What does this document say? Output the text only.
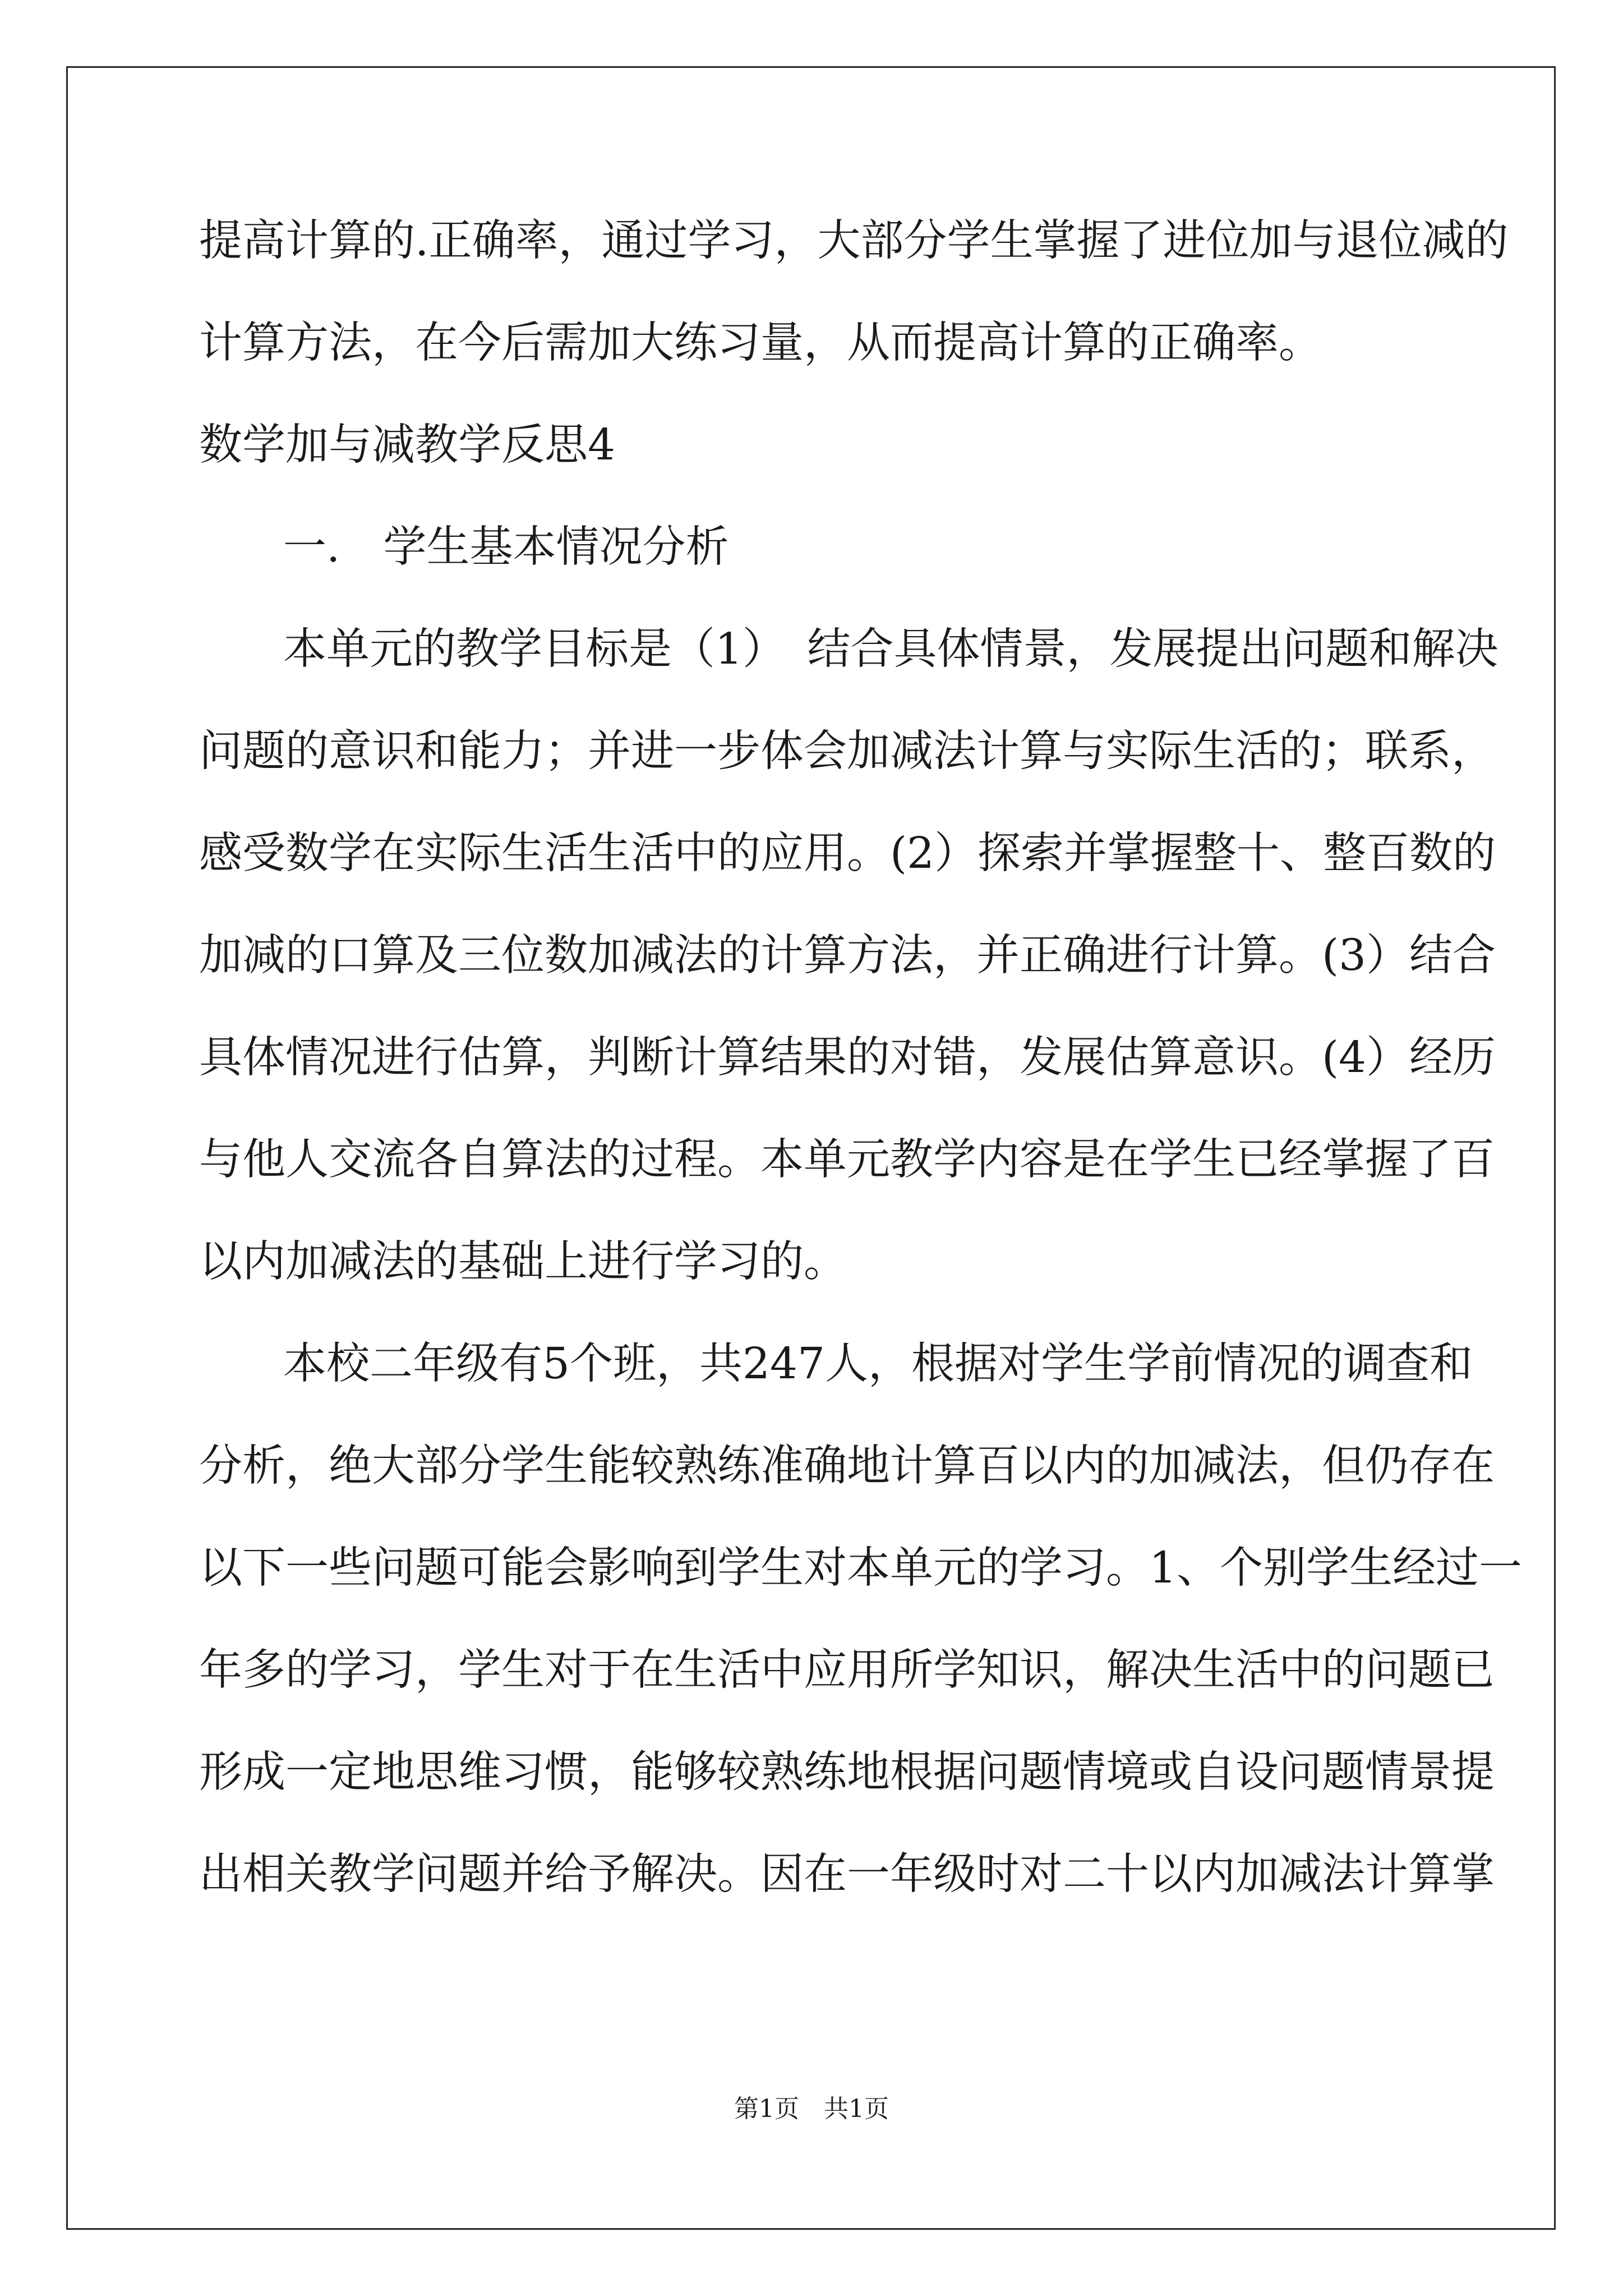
提高计算的.正确率，通过学习，大部分学生掌握了进位加与退位减的
计算方法，在今后需加大练习量，从而提高计算的正确率。
数学加与减教学反思4
一.　学生基本情况分析
本单元的教学目标是（1）　结合具体情景，发展提出问题和解决
问题的意识和能力；并进一步体会加减法计算与实际生活的；联系，
感受数学在实际生活生活中的应用。(2）探索并掌握整十、整百数的
加减的口算及三位数加减法的计算方法，并正确进行计算。(3）结合
具体情况进行估算，判断计算结果的对错，发展估算意识。(4）经历
与他人交流各自算法的过程。本单元教学内容是在学生已经掌握了百
以内加减法的基础上进行学习的。
本校二年级有5个班，共247人，根据对学生学前情况的调查和
分析，绝大部分学生能较熟练准确地计算百以内的加减法，但仍存在
以下一些问题可能会影响到学生对本单元的学习。1、个别学生经过一
年多的学习，学生对于在生活中应用所学知识，解决生活中的问题已
形成一定地思维习惯，能够较熟练地根据问题情境或自设问题情景提
出相关教学问题并给予解决。因在一年级时对二十以内加减法计算掌
第1页　共1页
